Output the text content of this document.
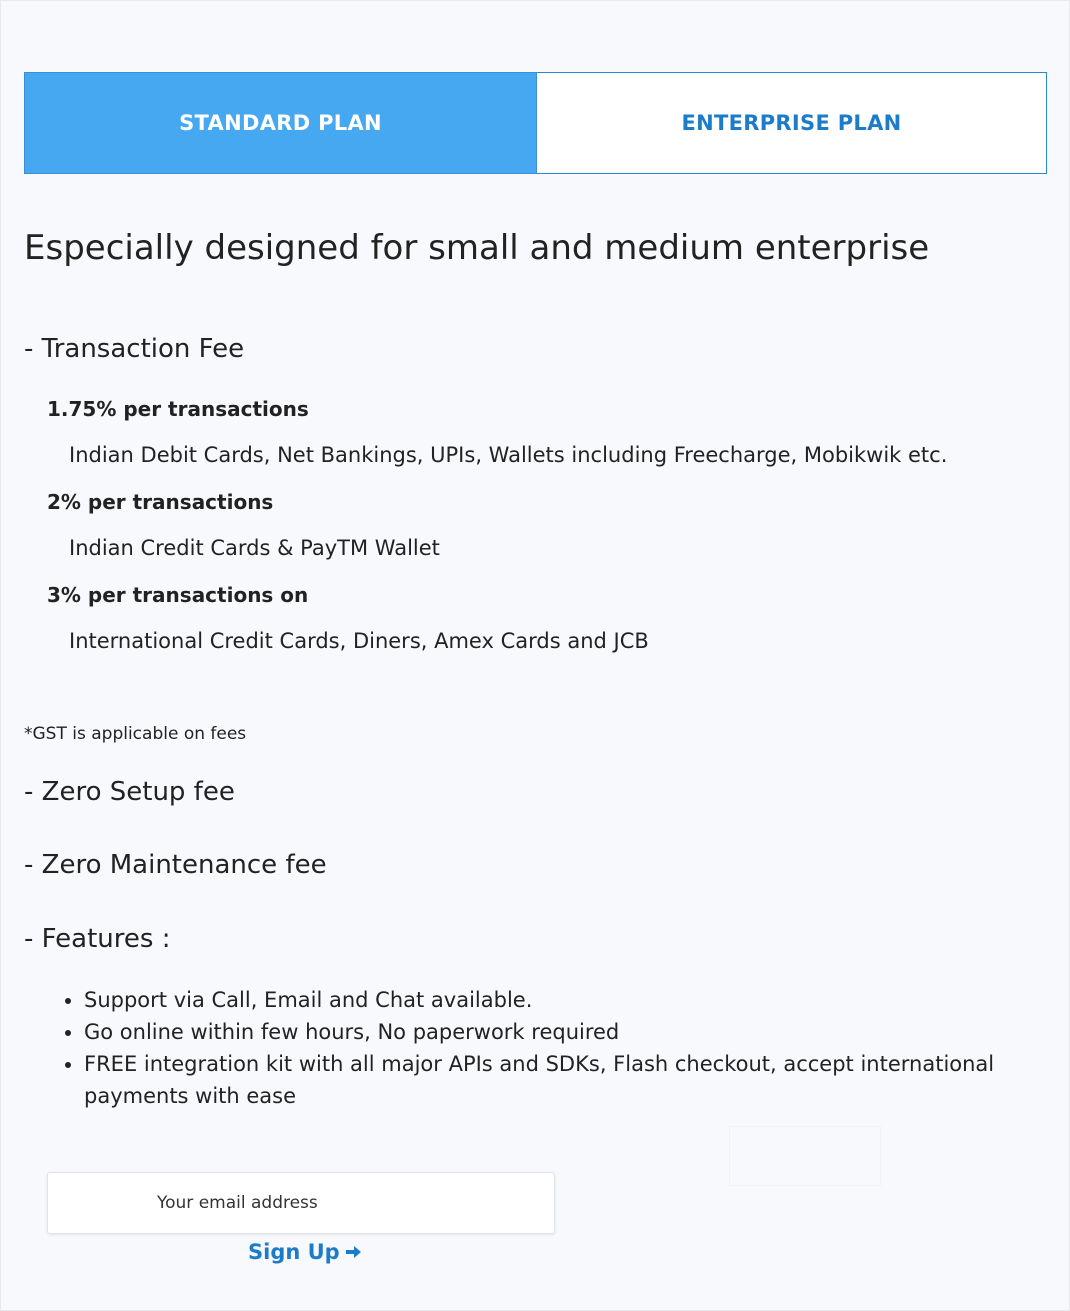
STANDARD PLAN	ENTERPRISE PLAN
Especially designed for small and medium enterprise
- Transaction Fee
1.75% per transactions
Indian Debit Cards, Net Bankings, UPIs, Wallets including Freecharge, Mobikwik etc.
2% per transactions
Indian Credit Cards & PayTM Wallet
3% per transactions on
International Credit Cards, Diners, Amex Cards and JCB
*GST is applicable on fees
- Zero Setup fee
- Zero Maintenance fee
- Features :
• Support via Call, Email and Chat available.
• Go online within few hours, No paperwork required
• FREE integration kit with all major APIs and SDKs, Flash checkout, accept international payments with ease
View Demo
Your email address
Sign Up
